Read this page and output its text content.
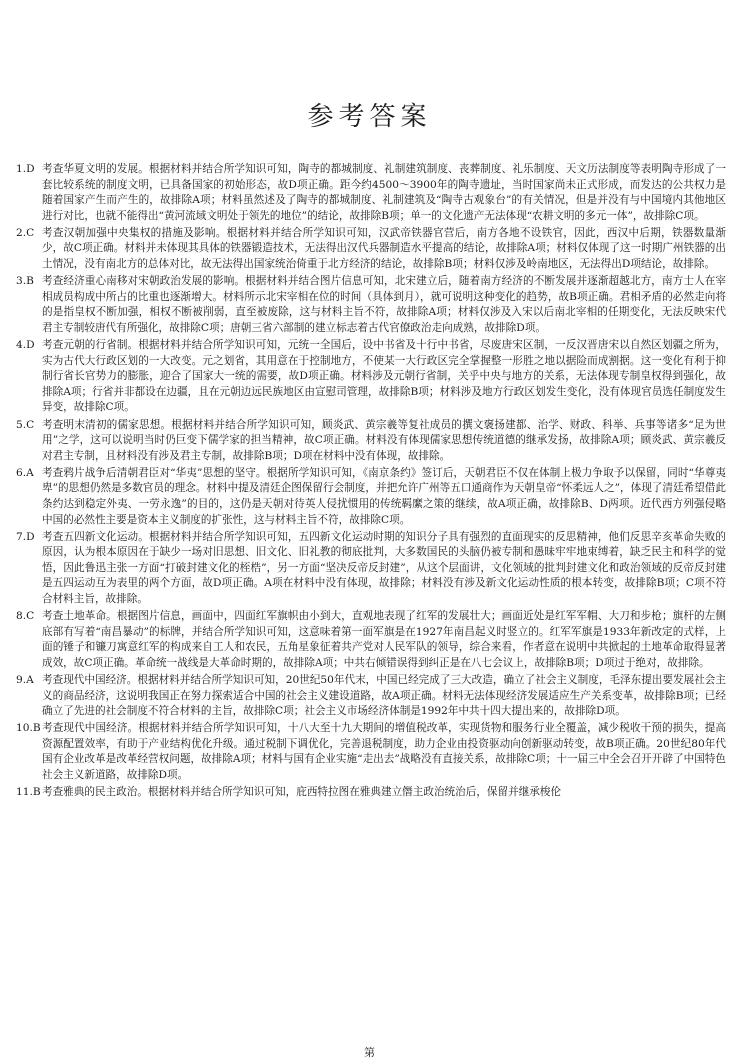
参考答案
1.D 考查华夏文明的发展。根据材料并结合所学知识可知，陶寺的都城制度、礼制建筑制度、丧葬制度、礼乐制度、天文历法制度等表明陶寺形成了一套比较系统的制度文明，已具备国家的初始形态，故D项正确。距今约4500～3900年的陶寺遗址，当时国家尚未正式形成，而发达的公共权力是随着国家产生而产生的，故排除A项；材料虽然述及了陶寺的都城制度、礼制建筑及“陶寺古观象台”的有关情况，但是并没有与中国境内其他地区进行对比，也就不能得出“黄河流域文明处于领先的地位”的结论，故排除B项；单一的文化遗产无法体现“农耕文明的多元一体”，故排除C项。
2.C 考查汉朝加强中央集权的措施及影响。根据材料并结合所学知识可知，汉武帝铁器官营后，南方各地不设铁官，因此，西汉中后期，铁器数量渐少，故C项正确。材料并未体现其具体的铁器锻造技术，无法得出汉代兵器制造水平提高的结论，故排除A项；材料仅体现了这一时期广州铁器的出土情况，没有南北方的总体对比，故无法得出国家统治倚重于北方经济的结论，故排除B项；材料仅涉及岭南地区，无法得出D项结论，故排除。
3.B 考查经济重心南移对宋朝政治发展的影响。根据材料并结合图片信息可知，北宋建立后，随着南方经济的不断发展并逐渐超越北方，南方士人在宰相成员构成中所占的比重也逐渐增大。材料所示北宋宰相在位的时间（具体到月），就可说明这种变化的趋势，故B项正确。君相矛盾的必然走向将的是指皇权不断加强，相权不断被削弱，直至被废除，这与材料主旨不符，故排除A项；材料仅涉及入宋以后南北宰相的任期变化，无法反映宋代君主专制较唐代有所强化，故排除C项；唐朝三省六部制的建立标志着古代官僚政治走向成熟，故排除D项。
4.D 考查元朝的行省制。根据材料并结合所学知识可知，元统一全国后，设中书省及十行中书省，尽废唐宋区制，一反汉晋唐宋以自然区划疆之所为，实为古代大行政区划的一大改变。元之划省，其用意在于控制地方，不使某一大行政区完全掌握整一形胜之地以据险而成割据。这一变化有利于抑制行省长官势力的膨胀，迎合了国家大一统的需要，故D项正确。材料涉及元朝行省制，关乎中央与地方的关系，无法体现专制皇权得到强化，故排除A项；行省并非都设在边疆，且在元朝边远民族地区由宣慰司管理，故排除B项；材料涉及地方行政区划发生变化，没有体现官员选任制度发生异变，故排除C项。
5.C 考查明末清初的儒家思想。根据材料并结合所学知识可知，顾炎武、黄宗羲等复社成员的撰文褒扬建都、治学、财政、科举、兵事等诸多“足为世用”之学，这可以说明当时仍巨变下儒学家的担当精神，故C项正确。材料没有体现儒家思想传统道德的继承发扬，故排除A项；顾炎武、黄宗羲反对君主专制，且材料没有涉及君主专制，故排除B项；D项在材料中没有体现，故排除。
6.A 考查鸦片战争后清朝君臣对“华夷”思想的坚守。根据所学知识可知，《南京条约》签订后，天朝君臣不仅在体制上极力争取予以保留，同时“华尊夷卑”的思想仍然是多数官员的理念。材料中提及清廷企图保留行会制度，并把允许广州等五口通商作为天朝皇帝“怀柔远人之”，体现了清廷希望借此条约达到稳定外夷、一劳永逸”的目的，这仍是天朝对待英人侵扰惯用的传统羁縻之策的继续，故A项正确，故排除B、D两项。近代西方列强侵略中国的必然性主要是资本主义制度的扩张性，这与材料主旨不符，故排除C项。
7.D 考查五四新文化运动。根据材料并结合所学知识可知，五四新文化运动时期的知识分子具有强烈的直面现实的反思精神，他们反思辛亥革命失败的原因，认为根本原因在于缺少一场对旧思想、旧文化、旧礼教的彻底批判，大多数国民的头脑仍被专制和愚昧牢牢地束缚着，缺乏民主和科学的觉悟，因此鲁迅主张一方面“打破封建文化的桎梏”，另一方面“坚决反帝反封建”，从这个层面讲，文化领域的批判封建文化和政治领域的反帝反封建是五四运动互为表里的两个方面，故D项正确。A项在材料中没有体现，故排除；材料没有涉及新文化运动性质的根本转变，故排除B项；C项不符合材料主旨，故排除。
8.C 考查土地革命。根据图片信息，画面中，四面红军旗帜由小到大，直观地表现了红军的发展壮大；画面近处是红军军帽、大刀和步枪；旗杆的左侧底部有写着“南昌暴动”的标牌，并结合所学知识可知，这意味着第一面军旗是在1927年南昌起义时竖立的。红军军旗是1933年新改定的式样，上面的锤子和镰刀寓意红军的构成来自工人和农民，五角星象征着共产党对人民军队的领导，综合来看，作者意在说明中共掀起的土地革命取得显著成效，故C项正确。革命统一战线是大革命时期的，故排除A项；中共右倾错误得到纠正是在八七会议上，故排除B项；D项过于绝对，故排除。
9.A 考查现代中国经济。根据材料并结合所学知识可知，20世纪50年代末，中国已经完成了三大改造，确立了社会主义制度，毛泽东提出要发展社会主义的商品经济，这说明我国正在努力探索适合中国的社会主义建设道路，故A项正确。材料无法体现经济发展适应生产关系变革，故排除B项；已经确立了先进的社会制度不符合材料的主旨，故排除C项；社会主义市场经济体制是1992年中共十四大提出来的，故排除D项。
10.B 考查现代中国经济。根据材料并结合所学知识可知，十八大至十九大期间的增值税改革，实现货物和服务行业全覆盖，减少税收干预的损失，提高资源配置效率，有助于产业结构优化升级。通过税制下调优化，完善退税制度，助力企业由投资驱动向创新驱动转变，故B项正确。20世纪80年代国有企业改革是改革经营权问题，故排除A项；材料与国有企业实施“走出去”战略没有直接关系，故排除C项；十一届三中全会召开开辟了中国特色社会主义新道路，故排除D项。
11.B 考查雅典的民主政治。根据材料并结合所学知识可知，庇西特拉图在雅典建立僭主政治统治后，保留并继承梭伦
第
